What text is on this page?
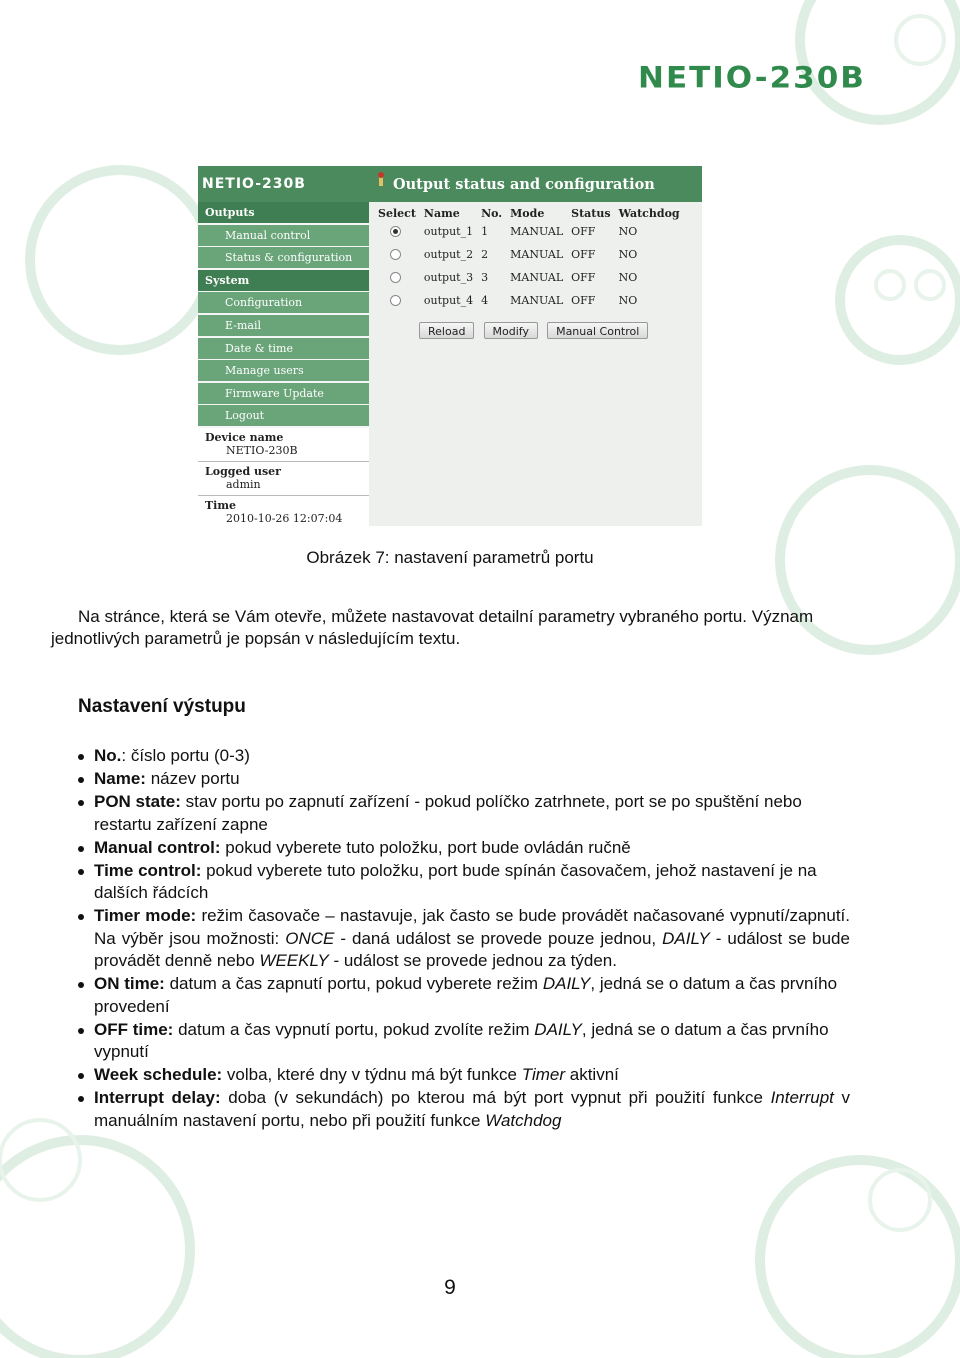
NETIO-230B
NETIO-230B	Output status and configuration
Outputs
Manual control
Status & configuration
System
Configuration
E-mail
Date & time
Manage users
Firmware Update
Logout
Device name
NETIO-230B
Logged user
admin
Time
2010-10-26 12:07:04
Select	Name	No.	Mode	Status	Watchdog
	output_1	1	MANUAL	OFF	NO
	output_2	2	MANUAL	OFF	NO
	output_3	3	MANUAL	OFF	NO
	output_4	4	MANUAL	OFF	NO
Reload Modify Manual Control
Obrázek 7: nastavení parametrů portu

Na stránce, která se Vám otevře, můžete nastavovat detailní parametry vybraného portu. Význam jednotlivých parametrů je popsán v následujícím textu.

Nastavení výstupu
No.: číslo portu (0-3)
Name: název portu
PON state: stav portu po zapnutí zařízení - pokud políčko zatrhnete, port se po spuštění nebo restartu zařízení zapne
Manual control: pokud vyberete tuto položku, port bude ovládán ručně
Time control: pokud vyberete tuto položku, port bude spínán časovačem, jehož nastavení je na dalších řádcích
Timer mode: režim časovače – nastavuje, jak často se bude provádět načasované vypnutí/zapnutí. Na výběr jsou možnosti: ONCE - daná událost se provede pouze jednou, DAILY - událost se bude provádět denně nebo WEEKLY - událost se provede jednou za týden.
ON time: datum a čas zapnutí portu, pokud vyberete režim DAILY, jedná se o datum a čas prvního provedení
OFF time: datum a čas vypnutí portu, pokud zvolíte režim DAILY, jedná se o datum a čas prvního vypnutí
Week schedule: volba, které dny v týdnu má být funkce Timer aktivní
Interrupt delay: doba (v sekundách) po kterou má být port vypnut při použití funkce Interrupt v manuálním nastavení portu, nebo při použití funkce Watchdog
9
